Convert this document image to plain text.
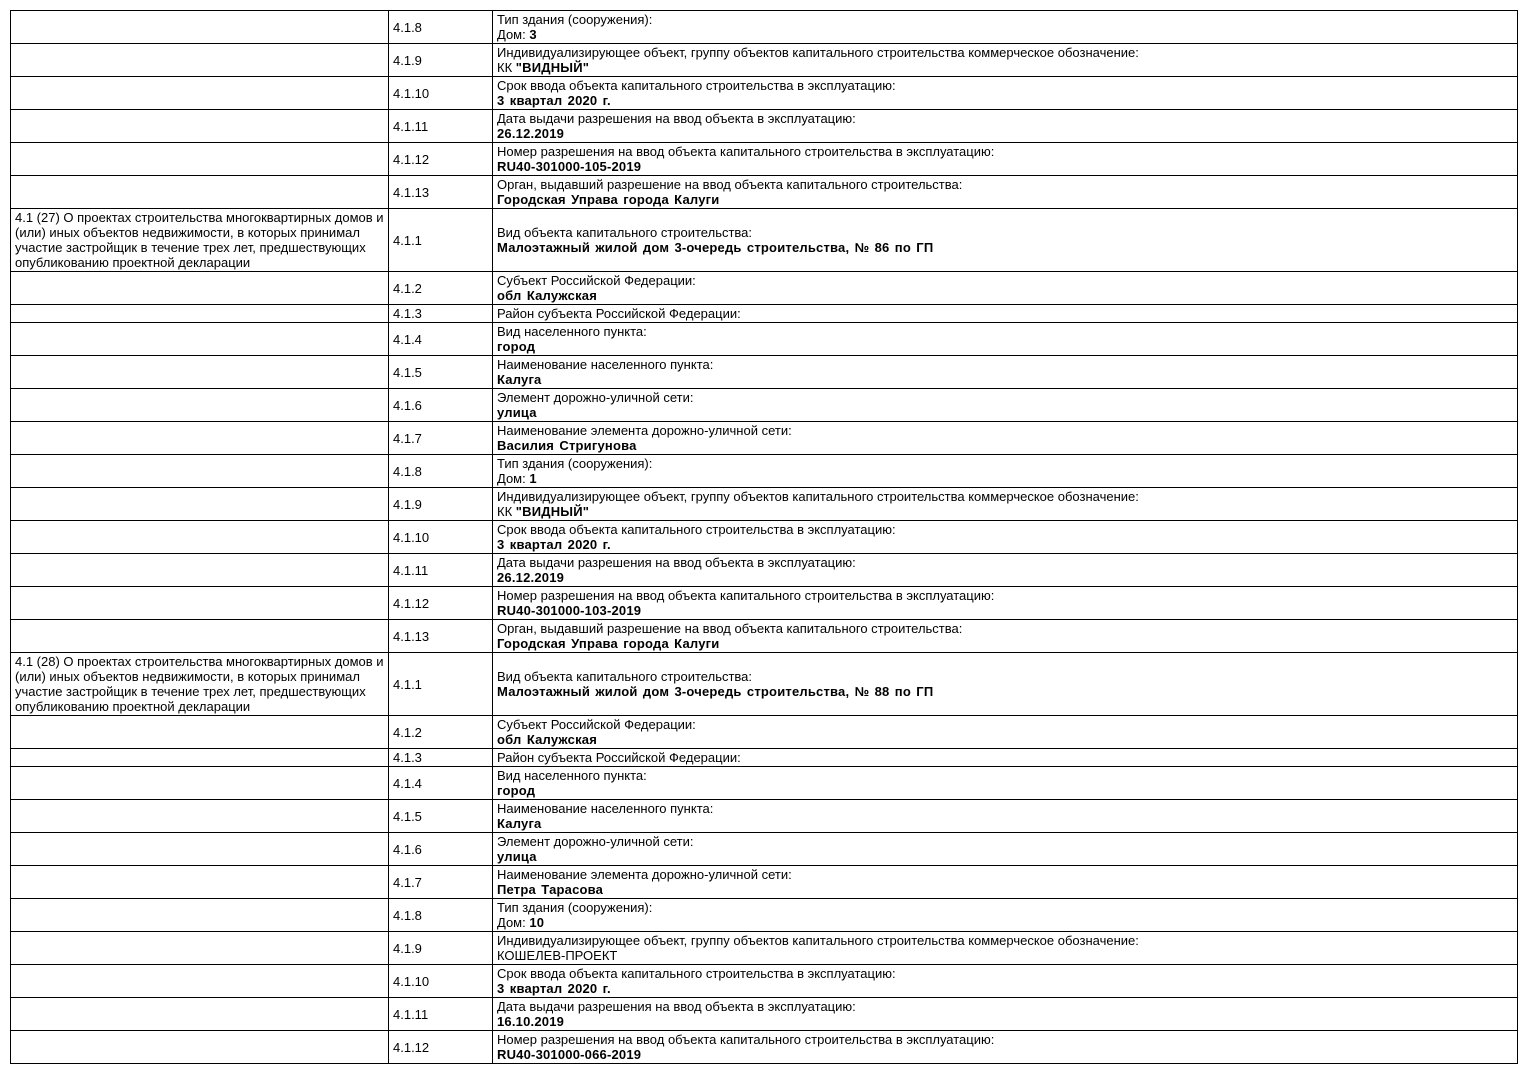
	4.1.8	Тип здания (сооружения):
Дом: 3

	4.1.9	Индивидуализирующее объект, группу объектов капитального строительства коммерческое обозначение:
КК "ВИДНЫЙ"

	4.1.10	Срок ввода объекта капитального строительства в эксплуатацию:
3 квартал 2020 г.

	4.1.11	Дата выдачи разрешения на ввод объекта в эксплуатацию:
26.12.2019

	4.1.12	Номер разрешения на ввод объекта капитального строительства в эксплуатацию:
RU40-301000-105-2019

	4.1.13	Орган, выдавший разрешение на ввод объекта капитального строительства:
Городская Управа города Калуги

4.1 (27) О проектах строительства многоквартирных домов и (или) иных объектов недвижимости, в которых принимал участие застройщик в течение трех лет, предшествующих опубликованию проектной декларации	4.1.1	Вид объекта капитального строительства:
Малоэтажный жилой дом 3-очередь строительства, № 86 по ГП

	4.1.2	Субъект Российской Федерации:
обл Калужская

	4.1.3	Район субъекта Российской Федерации:

	4.1.4	Вид населенного пункта:
город

	4.1.5	Наименование населенного пункта:
Калуга

	4.1.6	Элемент дорожно-уличной сети:
улица

	4.1.7	Наименование элемента дорожно-уличной сети:
Василия Стригунова

	4.1.8	Тип здания (сооружения):
Дом: 1

	4.1.9	Индивидуализирующее объект, группу объектов капитального строительства коммерческое обозначение:
КК "ВИДНЫЙ"

	4.1.10	Срок ввода объекта капитального строительства в эксплуатацию:
3 квартал 2020 г.

	4.1.11	Дата выдачи разрешения на ввод объекта в эксплуатацию:
26.12.2019

	4.1.12	Номер разрешения на ввод объекта капитального строительства в эксплуатацию:
RU40-301000-103-2019

	4.1.13	Орган, выдавший разрешение на ввод объекта капитального строительства:
Городская Управа города Калуги

4.1 (28) О проектах строительства многоквартирных домов и (или) иных объектов недвижимости, в которых принимал участие застройщик в течение трех лет, предшествующих опубликованию проектной декларации	4.1.1	Вид объекта капитального строительства:
Малоэтажный жилой дом 3-очередь строительства, № 88 по ГП

	4.1.2	Субъект Российской Федерации:
обл Калужская

	4.1.3	Район субъекта Российской Федерации:

	4.1.4	Вид населенного пункта:
город

	4.1.5	Наименование населенного пункта:
Калуга

	4.1.6	Элемент дорожно-уличной сети:
улица

	4.1.7	Наименование элемента дорожно-уличной сети:
Петра Тарасова

	4.1.8	Тип здания (сооружения):
Дом: 10

	4.1.9	Индивидуализирующее объект, группу объектов капитального строительства коммерческое обозначение:
КОШЕЛЕВ-ПРОЕКТ

	4.1.10	Срок ввода объекта капитального строительства в эксплуатацию:
3 квартал 2020 г.

	4.1.11	Дата выдачи разрешения на ввод объекта в эксплуатацию:
16.10.2019

	4.1.12	Номер разрешения на ввод объекта капитального строительства в эксплуатацию:
RU40-301000-066-2019
